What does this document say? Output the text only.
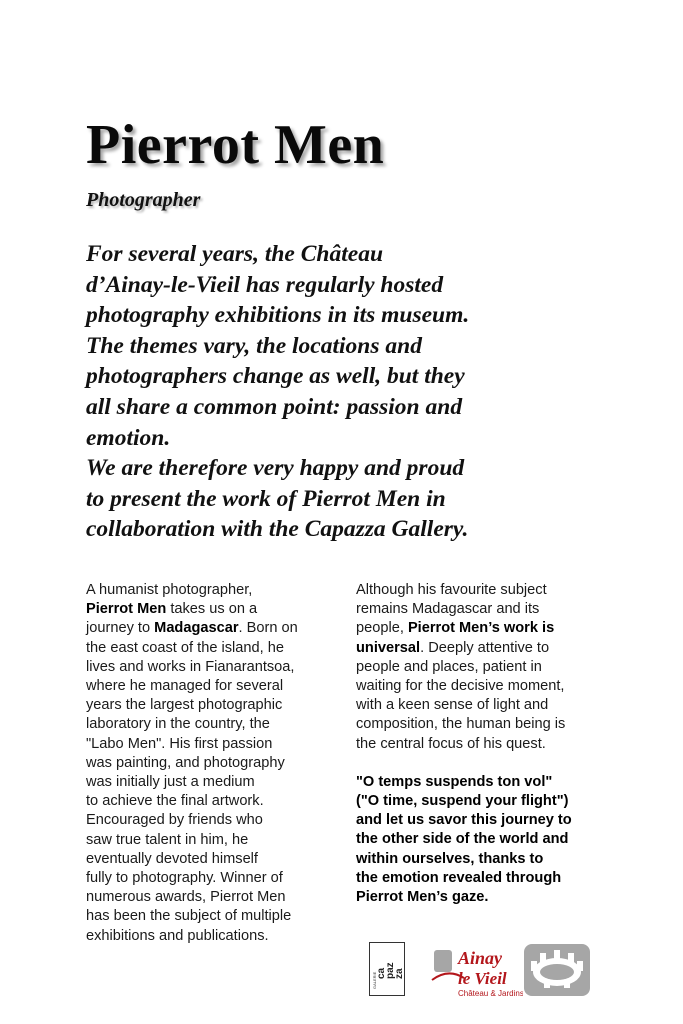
Pierrot Men
Photographer

For several years, the Château
d’Ainay-le-Vieil has regularly hosted
photography exhibitions in its museum.
The themes vary, the locations and
photographers change as well, but they
all share a common point: passion and
emotion.

We are therefore very happy and proud
to present the work of Pierrot Men in
collaboration with the Capazza Gallery.

A humanist photographer,
Pierrot Men takes us on a
journey to Madagascar. Born on
the east coast of the island, he
lives and works in Fianarantsoa,
where he managed for several
years the largest photographic
laboratory in the country, the
"Labo Men". His first passion
was painting, and photography
was initially just a medium
to achieve the final artwork.
Encouraged by friends who
saw true talent in him, he
eventually devoted himself
fully to photography. Winner of
numerous awards, Pierrot Men
has been the subject of multiple
exhibitions and publications.
Although his favourite subject
remains Madagascar and its
people, Pierrot Men’s work is
universal. Deeply attentive to
people and places, patient in
waiting for the decisive moment,
with a keen sense of light and
composition, the human being is
the central focus of his quest.
"O temps suspends ton vol"
("O time, suspend your flight")
and let us savor this journey to
the other side of the world and
within ourselves, thanks to
the emotion revealed through
Pierrot Men’s gaze.
GALERIE ca
paz
za
Ainay
le Vieil
Château & Jardins
